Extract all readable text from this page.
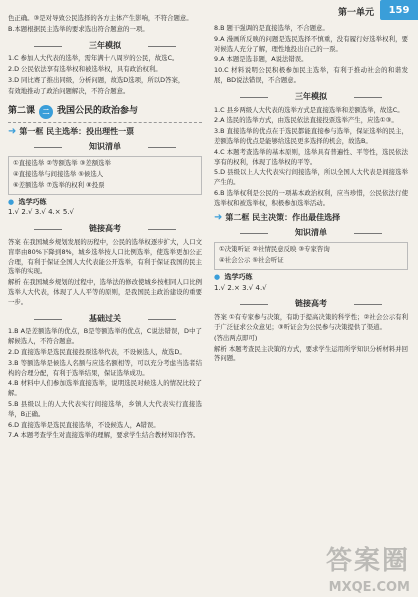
第一单元	159

色正确。③是对导致公民选择的各方主体产生影响，不符合题意。

B.本题根据民主选举的要求选出符合题意的一项。

三年模拟

1.C 参加人大代表的选举，需年满十八周岁的公民，故选C。

2.D 公民依法享有选举权和被选举权，具有政治权利。

3.D 同比赛了推出同级，分析问题，故选D选项，所以D答案，

有效地推动了政治问题解决，不符合题意。

第二课	二 我国公民的政治参与
➜ 第一框 民主选举：投出理性一票
知识清单

①直接选举 ②等额选举 ③差额选举

④直接选举与间接选举 ⑤候选人

⑥差额选举 ⑦选举的权利 ⑧投票

● 选学巧练
1.√ 2.√ 3.√ 4.× 5.√
链接高考

答案 在我国城乡规划发展的历程中，公民的选举权逐步扩大，人口文盲率由80%下降到8%，城乡选举按人口比例选举，使选举更加公正合理，有利于保证全国人大代表能公开选举，有利于保证我国的民主选举的实现。

解析 在我国城乡规划的过程中，选举法的修改使城乡按相同人口比例选举人大代表，体现了人人平等的原则，是我国民主政治建设的重要一步。

基础过关

1.B A是差额选举的优点，B是等额选举的优点，C说法错误，D中了解候选人，不符合题意。

2.D 直接选举是选民直接投票选举代表，不设候选人，故选D。

3.B 等额选举是候选人名额与应选名额相等，可以充分考虑当选者结构的合理分配，有利于选举结果，保证选举成功。

4.B 材料中人们参加选举直接选举，说明选民对候选人的情况比较了解。

5.B 县级以上的人大代表实行间接选举，乡镇人大代表实行直接选举，B正确。

6.D 直接选举是选民直接选举，不设候选人，A错误。

7.A 本题考查学生对直接选举的理解，要求学生结合教材知识作答。

8.B 题干强调的是直接选举，不合题意。

9.A 漫画所反映的问题是选民选择不慎重，没有履行好选举权利，要对候选人充分了解，理性地投出自己的一票。

9.A 本题是选非题，A说法错误。

10.C 材料说明公民积极参加民主选举，有利于推动社会的和谐发展，BD说法错误，不合题意。

三年模拟

1.C 县乡两级人大代表的选举方式是直接选举和差额选举，故选C。

2.A 选民的选举方式，由选民依法直接投票选举产生，应选①③。

3.B 直接选举的优点在于选民都能直接参与选举，保证选举的民主，差额选举的优点是能够给选民更多选择的机会，故选B。

4.C 本题考查选举的基本原则，选举具有普遍性、平等性，选民依法享有的权利，体现了选举权的平等。

5.D 县级以上人大代表实行间接选举，所以全国人大代表是间接选举产生的。

6.B 选举权利是公民的一项基本政治权利，应当珍惜，公民依法行使选举权和被选举权，积极参加选举活动。

➜ 第二框 民主决策：作出最佳选择
知识清单

①决策听证 ②社情民意反映 ③专家咨询

④社会公示 ⑤社会听证

● 选学巧练
1.√ 2.× 3.√ 4.√
链接高考

答案 ①有专家参与决策，有助于提高决策的科学性；②社会公示有利于广泛征求公众意见；③听证会为公民参与决策提供了渠道。

(答出两点即可)

解析 本题考查民主决策的方式，要求学生运用所学知识分析材料并回答问题。

答案圈
MXQE.COM
